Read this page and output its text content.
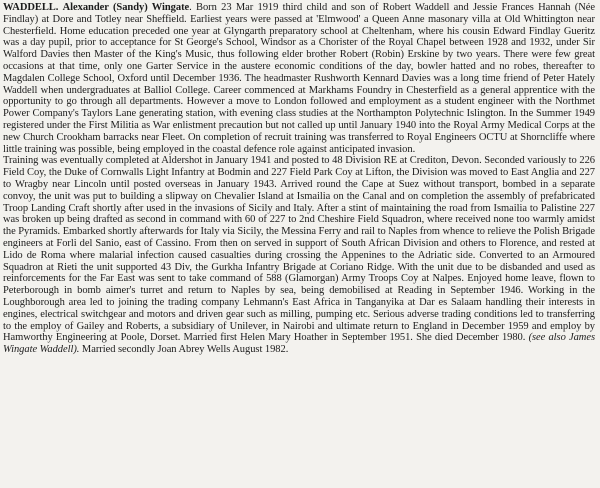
WADDELL. Alexander (Sandy) Wingate. Born 23 Mar 1919 third child and son of Robert Waddell and Jessie Frances Hannah (Née Findlay) at Dore and Totley near Sheffield. Earliest years were passed at 'Elmwood' a Queen Anne masonary villa at Old Whittington near Chesterfield. Home education preceded one year at Glyngarth preparatory school at Cheltenham, where his cousin Edward Findlay Gueritz was a day pupil, prior to acceptance for St George's School, Windsor as a Chorister of the Royal Chapel between 1928 and 1932, under Sir Walford Davies then Master of the King's Music, thus following elder brother Robert (Robin) Erskine by two years. There were few great occasions at that time, only one Garter Service in the austere economic conditions of the day, bowler hatted and no robes, thereafter to Magdalen College School, Oxford until December 1936. The headmaster Rushworth Kennard Davies was a long time friend of Peter Hately Waddell when undergraduates at Balliol College. Career commenced at Markhams Foundry in Chesterfield as a general apprentice with the opportunity to go through all departments. However a move to London followed and employment as a student engineer with the Northmet Power Company's Taylors Lane generating station, with evening class studies at the Northampton Polytechnic Islington. In the Summer 1949 registered under the First Militia as War enlistment precaution but not called up until January 1940 into the Royal Army Medical Corps at the new Church Crookham barracks near Fleet. On completion of recruit training was transferred to Royal Engineers OCTU at Shorncliffe where little training was possible, being employed in the coastal defence role against anticipated invasion.

Training was eventually completed at Aldershot in January 1941 and posted to 48 Division RE at Crediton, Devon. Seconded variously to 226 Field Coy, the Duke of Cornwalls Light Infantry at Bodmin and 227 Field Park Coy at Lifton, the Division was moved to East Anglia and 227 to Wragby near Lincoln until posted overseas in January 1943. Arrived round the Cape at Suez without transport, bombed in a separate convoy, the unit was put to building a slipway on Chevalier Island at Ismailia on the Canal and on completion the assembly of prefabricated Troop Landing Craft shortly after used in the invasions of Sicily and Italy. After a stint of maintaining the road from Ismailia to Palistine 227 was broken up being drafted as second in command with 60 of 227 to 2nd Cheshire Field Squadron, where received none too warmly amidst the Pyramids. Embarked shortly afterwards for Italy via Sicily, the Messina Ferry and rail to Naples from whence to relieve the Polish Brigade engineers at Forli del Sanio, east of Cassino. From then on served in support of South African Division and others to Florence, and rested at Lido de Roma where malarial infection caused casualties during crossing the Appenines to the Adriatic side. Converted to an Armoured Squadron at Rieti the unit supported 43 Div, the Gurkha Infantry Brigade at Coriano Ridge. With the unit due to be disbanded and used as reinforcements for the Far East was sent to take command of 588 (Glamorgan) Army Troops Coy at Nalpes. Enjoyed home leave, flown to Peterborough in bomb aimer's turret and return to Naples by sea, being demobilised at Reading in September 1946. Working in the Loughborough area led to joining the trading company Lehmann's East Africa in Tanganyika at Dar es Salaam handling their interests in engines, electrical switchgear and motors and driven gear such as milling, pumping etc. Serious adverse trading conditions led to transferring to the employ of Gailey and Roberts, a subsidiary of Unilever, in Nairobi and ultimate return to England in December 1959 and employ by Hamworthy Engineering at Poole, Dorset. Married first Helen Mary Hoather in September 1951. She died December 1980. (see also James Wingate Waddell). Married secondly Joan Abrey Wells August 1982.
